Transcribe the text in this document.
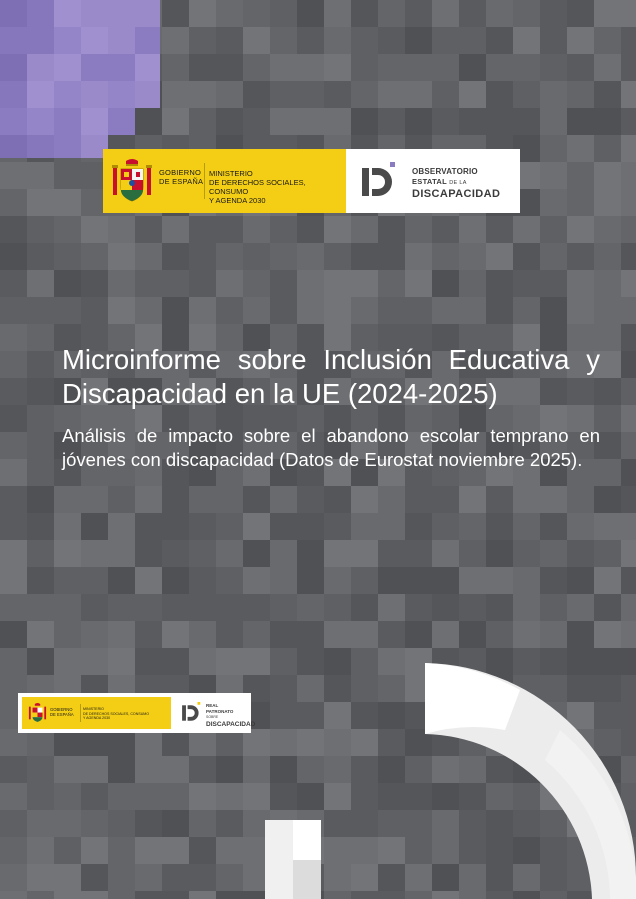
GOBIERNO
DE ESPAÑA
MINISTERIO
DE DERECHOS SOCIALES, CONSUMO
Y AGENDA 2030
OBSERVATORIO
ESTATAL DE LA
DISCAPACIDAD
Microinforme sobre Inclusión Educativa y Discapacidad en la UE (2024-2025)

Análisis de impacto sobre el abandono escolar temprano en jóvenes con discapacidad (Datos de Eurostat noviembre 2025).

GOBIERNO
DE ESPAÑA
MINISTERIO
DE DERECHOS SOCIALES, CONSUMO
Y AGENDA 2030
REAL
PATRONATO
SOBRE
DISCAPACIDAD
